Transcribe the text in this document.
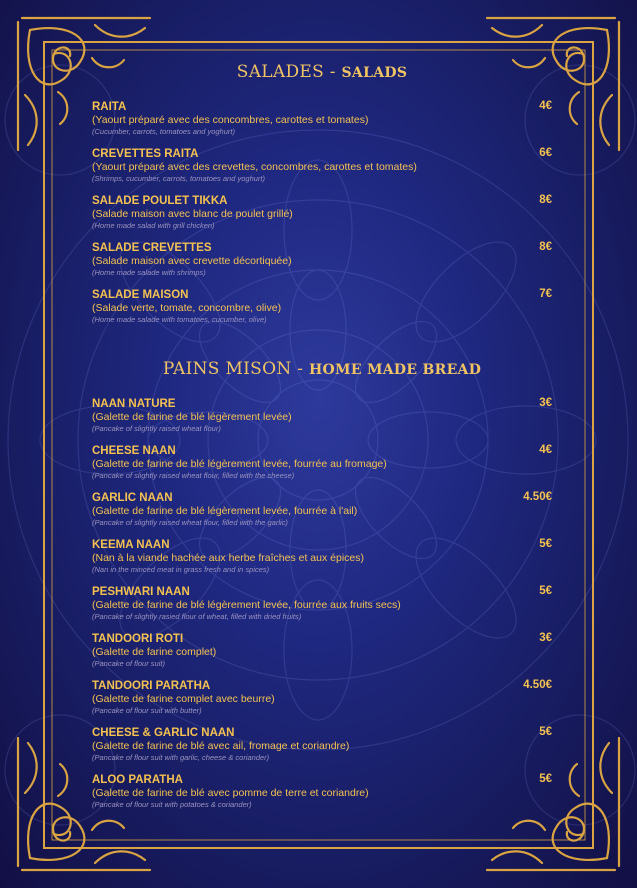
SALADES - SALADS
RAITA	4€
(Yaourt préparé avec des concombres, carottes et tomates)
(Cucumber, carrots, tomatoes and yoghurt)
CREVETTES RAITA	6€
(Yaourt préparé avec des crevettes, concombres, carottes et tomates)
(Shrimps, cucumber, carrots, tomatoes and yoghurt)
SALADE POULET TIKKA	8€
(Salade maison avec blanc de poulet grillé)
(Home made salad with grill chicken)
SALADE CREVETTES	8€
(Salade maison avec crevette décortiquée)
(Home made salade with shrimps)
SALADE MAISON	7€
(Salade verte, tomate, concombre, olive)
(Home made salade with tomatoes, cucumber, olive)
PAINS MISON - HOME MADE BREAD
NAAN NATURE	3€
(Galette de farine de blé légèrement levée)
(Pancake of slightly raised wheat flour)
CHEESE NAAN	4€
(Galette de farine de blé légèrement levée, fourrée au fromage)
(Pancake of slightly raised wheat flour, filled with the cheese)
GARLIC NAAN	4.50€
(Galette de farine de blé légèrement levée, fourrée à l'ail)
(Pancake of slightly raised wheat flour, filled with the garlic)
KEEMA NAAN	5€
(Nan à la viande hachée aux herbe fraîches et aux épices)
(Nan in the minced meat in grass fresh and in spices)
PESHWARI NAAN	5€
(Galette de farine de blé légèrement levée, fourrée aux fruits secs)
(Pancake of slightly rasied flour of wheat, filled with dried fruits)
TANDOORI ROTI	3€
(Galette de farine complet)
(Pancake of flour suit)
TANDOORI PARATHA	4.50€
(Galette de farine complet avec beurre)
(Pancake of flour suit with butter)
CHEESE & GARLIC NAAN	5€
(Galette de farine de blé avec ail, fromage et coriandre)
(Pancake of flour suit with garlic, cheese & coriander)
ALOO PARATHA	5€
(Galette de farine de blé avec pomme de terre et coriandre)
(Pancake of flour suit with potatoes & coriander)
